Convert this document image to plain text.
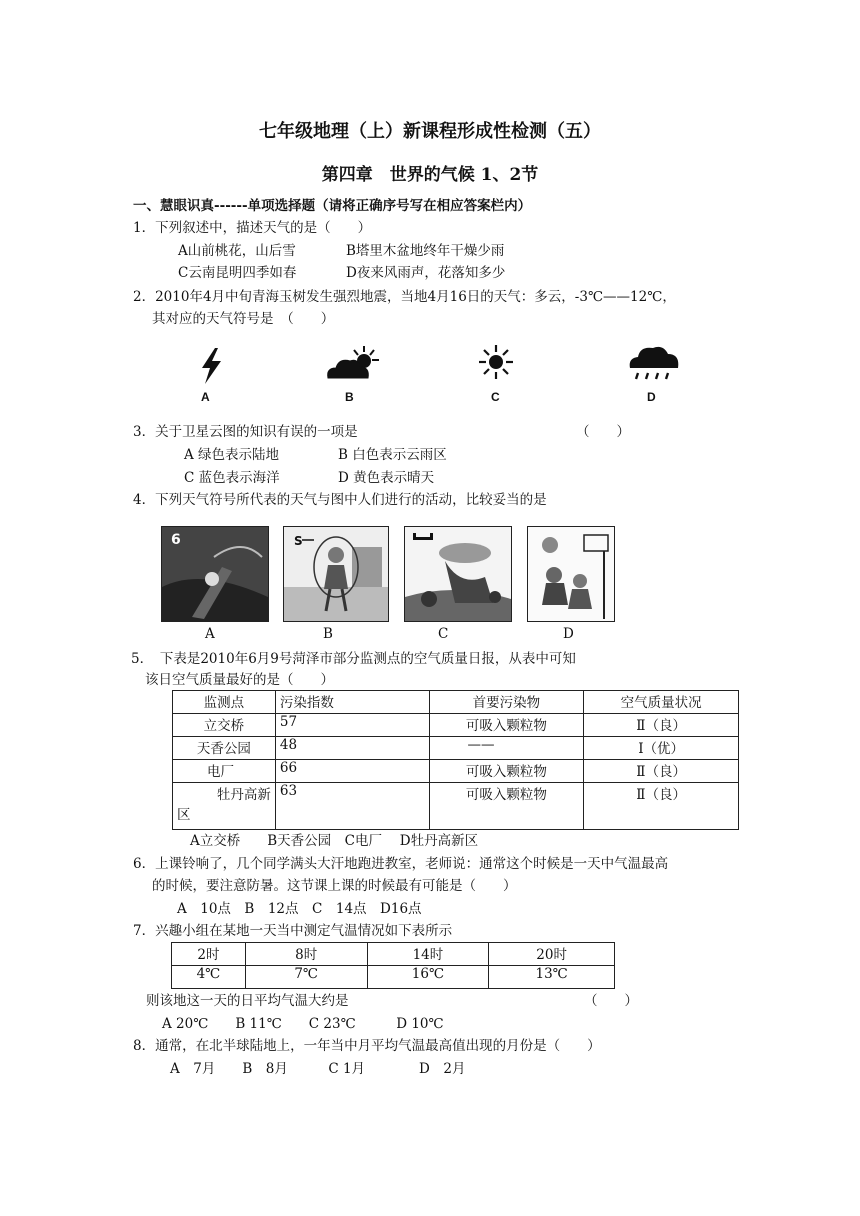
七年级地理（上）新课程形成性检测（五）
第四章　世界的气候 1、2节
一、慧眼识真------单项选择题（请将正确序号写在相应答案栏内）
1．下列叙述中，描述天气的是（　　）
A山前桃花，山后雪	B塔里木盆地终年干燥少雨
C云南昆明四季如春	D夜来风雨声，花落知多少
2．2010年4月中旬青海玉树发生强烈地震，当地4月16日的天气：多云，-3℃——12℃，
其对应的天气符号是　（　　）
A	B	C	D
3．关于卫星云图的知识有误的一项是	（　　）
A 绿色表示陆地	B 白色表示云雨区
C 蓝色表示海洋	D 黄色表示晴天
4．下列天气符号所代表的天气与图中人们进行的活动，比较妥当的是
6	S
A	B	C	D
5．　下表是2010年6月9号菏泽市部分监测点的空气质量日报，从表中可知
该日空气质量最好的是（　　）
监测点	污染指数	首要污染物	空气质量状况
立交桥	57	可吸入颗粒物	Ⅱ（良）
天香公园	48	——	Ⅰ（优）
电厂	66	可吸入颗粒物	Ⅱ（良）

牡丹高新
区	63	可吸入颗粒物	Ⅱ（良）
A立交桥　　B天香公园　C电厂　 D牡丹高新区
6．上课铃响了，几个同学满头大汗地跑进教室，老师说：通常这个时候是一天中气温最高
的时候，要注意防暑。这节课上课的时候最有可能是（　　）
A　10点　B　12点　C　14点　D16点
7．兴趣小组在某地一天当中测定气温情况如下表所示
2时	8时	14时	20时
4℃	7℃	16℃	13℃
则该地这一天的日平均气温大约是	（　　）
A 20℃　　B 11℃　　C 23℃　　　D 10℃
8．通常，在北半球陆地上，一年当中月平均气温最高值出现的月份是（　　）
A　7月　　B　8月　　　C 1月　　　　D　2月
